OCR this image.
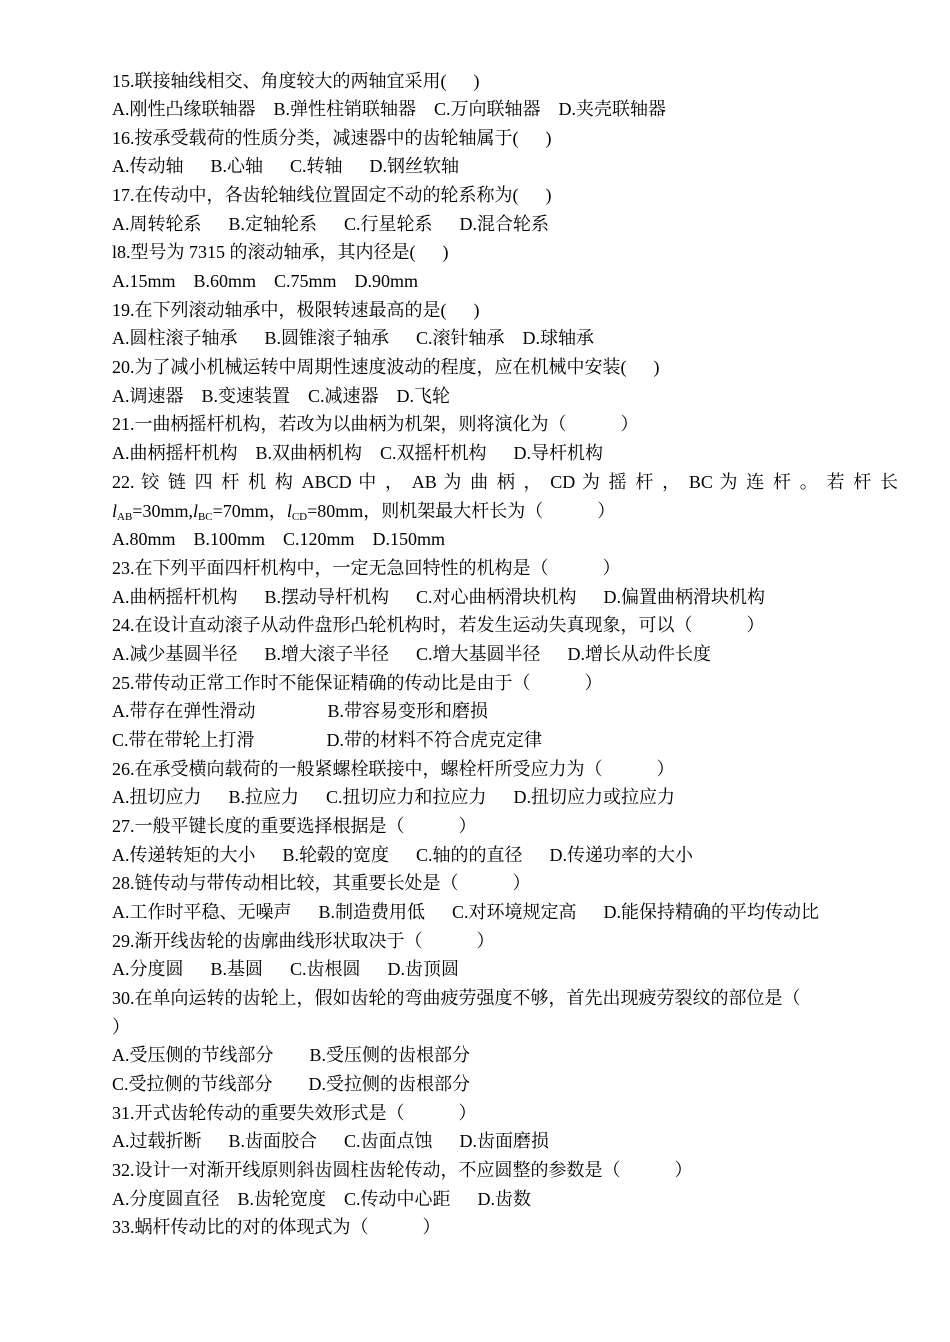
15.联接轴线相交、角度较大的两轴宜采用(      )
A.刚性凸缘联轴器    B.弹性柱销联轴器    C.万向联轴器    D.夹壳联轴器
16.按承受载荷的性质分类，减速器中的齿轮轴属于(      )
A.传动轴      B.心轴      C.转轴      D.钢丝软轴
17.在传动中，各齿轮轴线位置固定不动的轮系称为(      )
A.周转轮系      B.定轴轮系      C.行星轮系      D.混合轮系
l8.型号为 7315 的滚动轴承，其内径是(      )
A.15mm    B.60mm    C.75mm    D.90mm
19.在下列滚动轴承中，极限转速最高的是(      )
A.圆柱滚子轴承      B.圆锥滚子轴承      C.滚针轴承    D.球轴承
20.为了减小机械运转中周期性速度波动的程度，应在机械中安装(      )
A.调速器    B.变速装置    C.减速器    D.飞轮
21.一曲柄摇杆机构，若改为以曲柄为机架，则将演化为（            ）
A.曲柄摇杆机构    B.双曲柄机构    C.双摇杆机构      D.导杆机构
22. 铰 链 四 杆 机 构 ABCD 中 ， AB 为 曲 柄 ， CD 为 摇 杆 ， BC 为 连 杆 。 若 杆 长
$l_{AB}=30mm,l_{BC}=70mm$，$l_{CD}=80mm$，则机架最大杆长为（            ）
A.80mm    B.100mm    C.120mm    D.150mm
23.在下列平面四杆机构中，一定无急回特性的机构是（            ）
A.曲柄摇杆机构      B.摆动导杆机构      C.对心曲柄滑块机构      D.偏置曲柄滑块机构
24.在设计直动滚子从动件盘形凸轮机构时，若发生运动失真现象，可以（            ）
A.减少基圆半径      B.增大滚子半径      C.增大基圆半径      D.增长从动件长度
25.带传动正常工作时不能保证精确的传动比是由于（            ）
A.带存在弹性滑动                B.带容易变形和磨损
C.带在带轮上打滑                D.带的材料不符合虎克定律
26.在承受横向载荷的一般紧螺栓联接中，螺栓杆所受应力为（            ）
A.扭切应力      B.拉应力      C.扭切应力和拉应力      D.扭切应力或拉应力
27.一般平键长度的重要选择根据是（            ）
A.传递转矩的大小      B.轮毂的宽度      C.轴的的直径      D.传递功率的大小
28.链传动与带传动相比较，其重要长处是（            ）
A.工作时平稳、无噪声      B.制造费用低      C.对环境规定高      D.能保持精确的平均传动比
29.渐开线齿轮的齿廓曲线形状取决于（            ）
A.分度圆      B.基圆      C.齿根圆      D.齿顶圆
30.在单向运转的齿轮上，假如齿轮的弯曲疲劳强度不够，首先出现疲劳裂纹的部位是（
）
A.受压侧的节线部分        B.受压侧的齿根部分
C.受拉侧的节线部分        D.受拉侧的齿根部分
31.开式齿轮传动的重要失效形式是（            ）
A.过载折断      B.齿面胶合      C.齿面点蚀      D.齿面磨损
32.设计一对渐开线原则斜齿圆柱齿轮传动，不应圆整的参数是（            ）
A.分度圆直径    B.齿轮宽度    C.传动中心距      D.齿数
33.蜗杆传动比的对的体现式为（            ）
